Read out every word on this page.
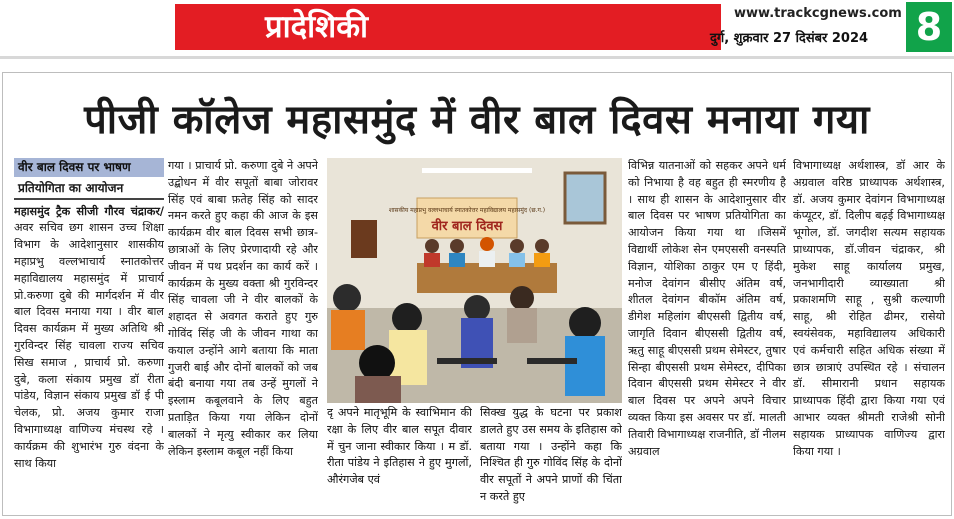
प्रादेशिकी	www.trackcgnews.com
दुर्ग, शुक्रवार 27 दिसंबर 2024 8
पीजी कॉलेज महासमुंद में वीर बाल दिवस मनाया गया
वीर बाल दिवस पर भाषण
प्रतियोगिता का आयोजन
महासमुंद ट्रैक सीजी गौरव चंद्राकर/ अवर सचिव छग शासन उच्च शिक्षा विभाग के आदेशानुसार शासकीय महाप्रभु वल्लभाचार्य स्नातकोत्तर महाविद्यालय महासमुंद में प्राचार्य प्रो.करुणा दुबे की मार्गदर्शन में वीर बाल दिवस मनाया गया । वीर बाल दिवस कार्यक्रम में मुख्य अतिथि श्री गुरविन्दर सिंह चावला राज्य सचिव सिख समाज , प्राचार्य प्रो. करुणा दुबे, कला संकाय प्रमुख डॉ रीता पांडेय, विज्ञान संकाय प्रमुख डॉ ई पी चेलक, प्रो. अजय कुमार राजा विभागाध्यक्ष वाणिज्य मंचस्थ रहे । कार्यक्रम की शुभारंभ गुरु वंदना के साथ किया
गया । प्राचार्य प्रो. करुणा दुबे ने अपने उद्बोधन में वीर सपूतों बाबा जोरावर सिंह एवं बाबा फ़तेह सिंह को सादर नमन करते हुए कहा की आज के इस कार्यक्रम वीर बाल दिवस सभी छात्र-छात्राओं के लिए प्रेरणादायी रहे और जीवन में पथ प्रदर्शन का कार्य करें । कार्यक्रम के मुख्य वक्ता श्री गुरविन्दर सिंह चावला जी ने वीर बालकों के शहादत से अवगत कराते हुए गुरु गोविंद सिंह जी के जीवन गाथा का कयाल उन्होंने आगे बताया कि माता गुजरी बाई और दोनों बालकों को जब बंदी बनाया गया तब उन्हें मुगलों ने इस्लाम कबूलवाने के लिए बहुत प्रताड़ित किया गया लेकिन दोनों बालकों ने मृत्यु स्वीकार कर लिया लेकिन इस्लाम कबूल नहीं किया
शासकीय महाप्रभु वल्लभाचार्य स्नातकोत्तर महाविद्यालय महासमुंद (छ.ग.)
वीर बाल दिवस
दृ अपने मातृभूमि के स्वाभिमान की रक्षा के लिए वीर बाल सपूत दीवार में चुन जाना स्वीकार किया । म डॉ. रीता पांडेय ने इतिहास ने हुए मुगलों, औरंगजेब एवं
सिक्ख युद्ध के घटना पर प्रकाश डालते हुए उस समय के इतिहास को बताया गया । उन्होंने कहा कि निश्चित ही गुरु गोविंद सिंह के दोनों वीर सपूतों ने अपने प्राणों की चिंता न करते हुए
विभिन्न यातनाओं को सहकर अपने धर्म को निभाया है वह बहुत ही स्मरणीय है । साथ ही शासन के आदेशानुसार वीर बाल दिवस पर भाषण प्रतियोगिता का आयोजन किया गया था ।जिसमें विद्यार्थी लोकेश सेन एमएससी वनस्पति विज्ञान, योशिका ठाकुर एम ए हिंदी, मनोज देवांगन बीसीए अंतिम वर्ष, शीतल देवांगन बीकॉम अंतिम वर्ष, डीगेश महिलांग बीएससी द्वितीय वर्ष, जागृति दिवान बीएससी द्वितीय वर्ष, ऋतु साहू बीएससी प्रथम सेमेस्टर, तुषार सिन्हा बीएससी प्रथम सेमेस्टर, दीपिका दिवान बीएससी प्रथम सेमेस्टर ने वीर बाल दिवस पर अपने अपने विचार व्यक्त किया इस अवसर पर डॉ. मालती तिवारी विभागाध्यक्ष राजनीति, डॉ नीलम अग्रवाल
विभागाध्यक्ष अर्थशास्त्र, डॉ आर के अग्रवाल वरिष्ठ प्राध्यापक अर्थशास्त्र, डॉ. अजय कुमार देवांगन विभागाध्यक्ष कंप्यूटर, डॉ. दिलीप बढ़ई विभागाध्यक्ष भूगोल, डॉ. जगदीश सत्यम सहायक प्राध्यापक, डॉ.जीवन चंद्राकर, श्री मुकेश साहू कार्यालय प्रमुख, जनभागीदारी व्याख्याता श्री प्रकाशमणि साहू , सुश्री कल्याणी साहू, श्री रोहित ढीमर, रासेयो स्वयंसेवक, महाविद्यालय अधिकारी एवं कर्मचारी सहित अधिक संख्या में छात्र छात्राएं उपस्थित रहे । संचालन डॉ. सीमारानी प्रधान सहायक प्राध्यापक हिंदी द्वारा किया गया एवं आभार व्यक्त श्रीमती राजेश्री सोनी सहायक प्राध्यापक वाणिज्य द्वारा किया गया ।
